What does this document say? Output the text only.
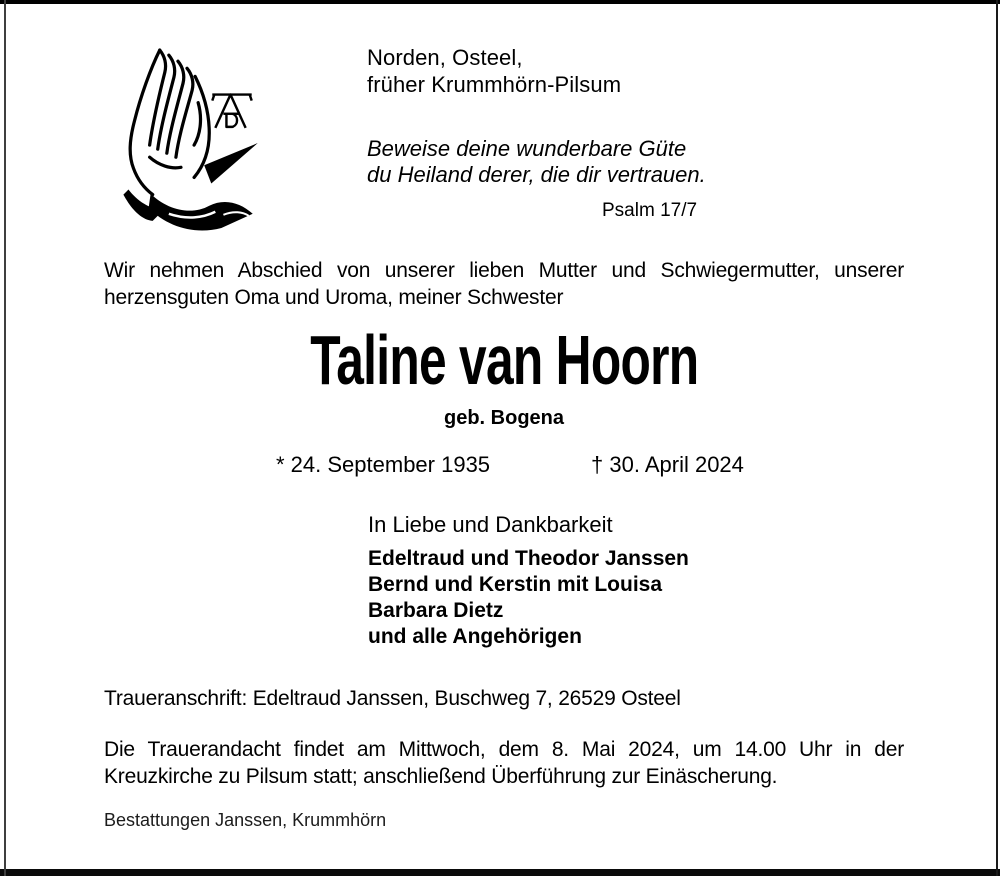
Norden, Osteel,
früher Krummhörn-Pilsum
Beweise deine wunderbare Güte
du Heiland derer, die dir vertrauen.
Psalm 17/7
Wir nehmen Abschied von unserer lieben Mutter und Schwiegermutter, unserer herzensguten Oma und Uroma, meiner Schwester
Taline van Hoorn
geb. Bogena
* 24. September 1935	† 30. April 2024
In Liebe und Dankbarkeit
Edeltraud und Theodor Janssen
Bernd und Kerstin mit Louisa
Barbara Dietz
und alle Angehörigen
Traueranschrift: Edeltraud Janssen, Buschweg 7, 26529 Osteel
Die Trauerandacht findet am Mittwoch, dem 8. Mai 2024, um 14.00 Uhr in der Kreuzkirche zu Pilsum statt; anschließend Überführung zur Einäscherung.
Bestattungen Janssen, Krummhörn
